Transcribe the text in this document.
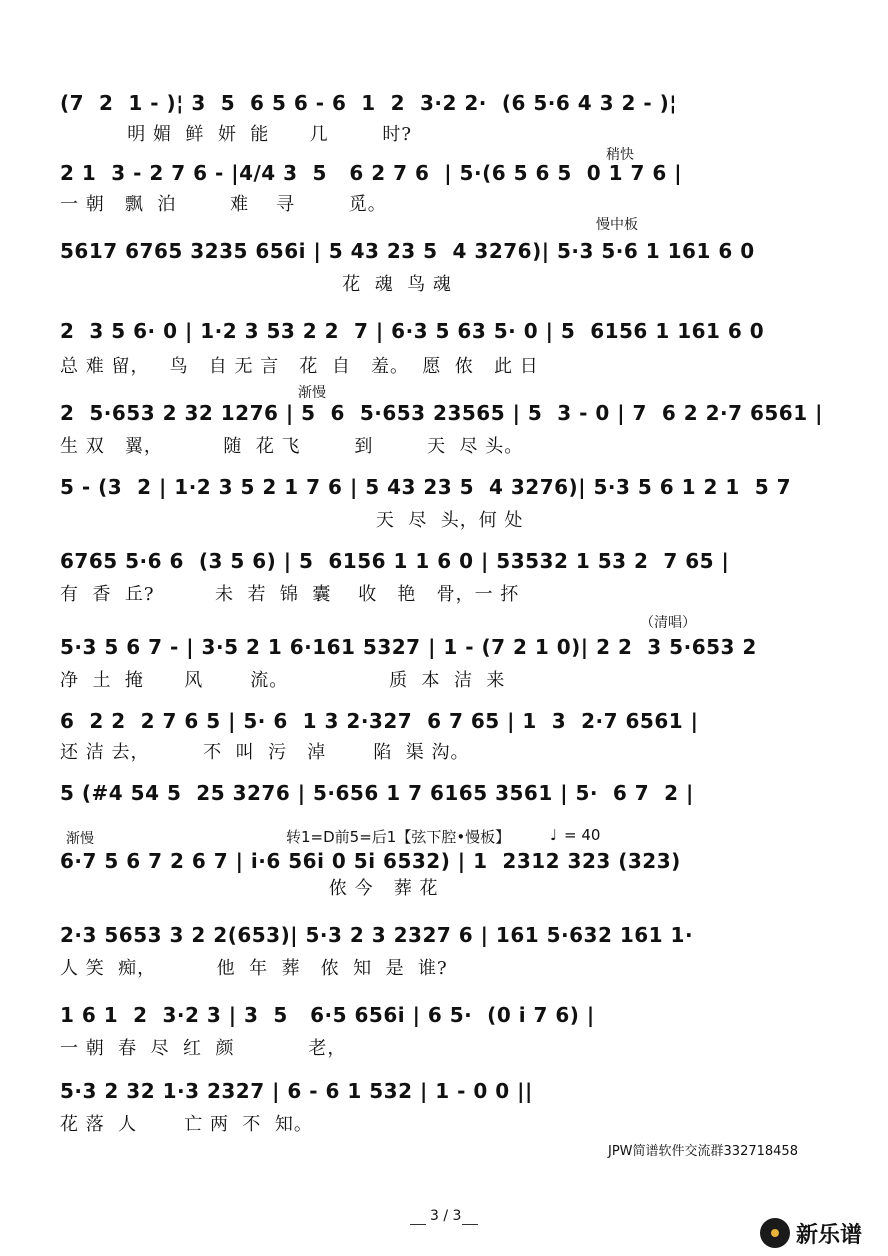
(7  2  1 - )¦ 3  5  6 5 6 - 6  1  2  3·2 2·  (6 5·6 4 3 2 - )¦
明 媚  鲜  妍  能      几        时?
2 1  3 - 2 7 6 - |4/4 3  5   6 2 7 6  | 5·(6 5 6 5  0 1 7 6 |
一 朝   飘  泊        难    寻        觅。
稍快
5617 6765 3235 656i | 5 43 23 5  4 3276)| 5·3 5·6 1 161 6 0
花  魂  鸟 魂
慢中板
2  3 5 6· 0 | 1·2 3 53 2 2  7 | 6·3 5 63 5· 0 | 5  6156 1 161 6 0
总 难 留，   鸟   自 无 言   花  自   羞。  愿  侬   此 日
2  5·653 2 32 1276 | 5  6  5·653 23565 | 5  3 - 0 | 7  6 2 2·7 6561 |
生 双   翼，         随  花 飞        到        天  尽 头。
渐慢
5 - (3  2 | 1·2 3 5 2 1 7 6 | 5 43 23 5  4 3276)| 5·3 5 6 1 2 1  5 7
天  尽  头，何 处
6765 5·6 6  (3 5 6) | 5  6156 1 1 6 0 | 53532 1 53 2  7 65 |
有  香  丘?         未  若  锦  囊    收   艳   骨，一 抔
5·3 5 6 7 - | 3·5 2 1 6·161 5327 | 1 - (7 2 1 0)| 2 2  3 5·653 2
净  土  掩      风       流。               质  本  洁  来
（清唱）
6  2 2  2 7 6 5 | 5· 6  1 3 2·327  6 7 65 | 1  3  2·7 6561 |
还 洁 去，        不  叫  污   淖       陷  渠 沟。
5 (#4 54 5  25 3276 | 5·656 1 7 6165 3561 | 5·  6 7  2 |
渐慢	转1=D前5=后1【弦下腔•慢板】	♩ = 40
6·7 5 6 7 2 6 7 | i·6 56i 0 5i 6532) | 1  2312 323 (323)
侬 今   葬 花
2·3 5653 3 2 2(653)| 5·3 2 3 2327 6 | 161 5·632 161 1·
人 笑  痴，         他  年  葬   侬  知  是  谁?
1 6 1  2  3·2 3 | 3  5   6·5 656i | 6 5·  (0 i 7 6) |
一 朝  春  尽  红  颜           老，
5·3 2 32 1·3 2327 | 6 - 6 1 532 | 1 - 0 0 ||
花 落  人       亡 两  不  知。
JPW简谱软件交流群332718458
3 / 3
新乐谱
